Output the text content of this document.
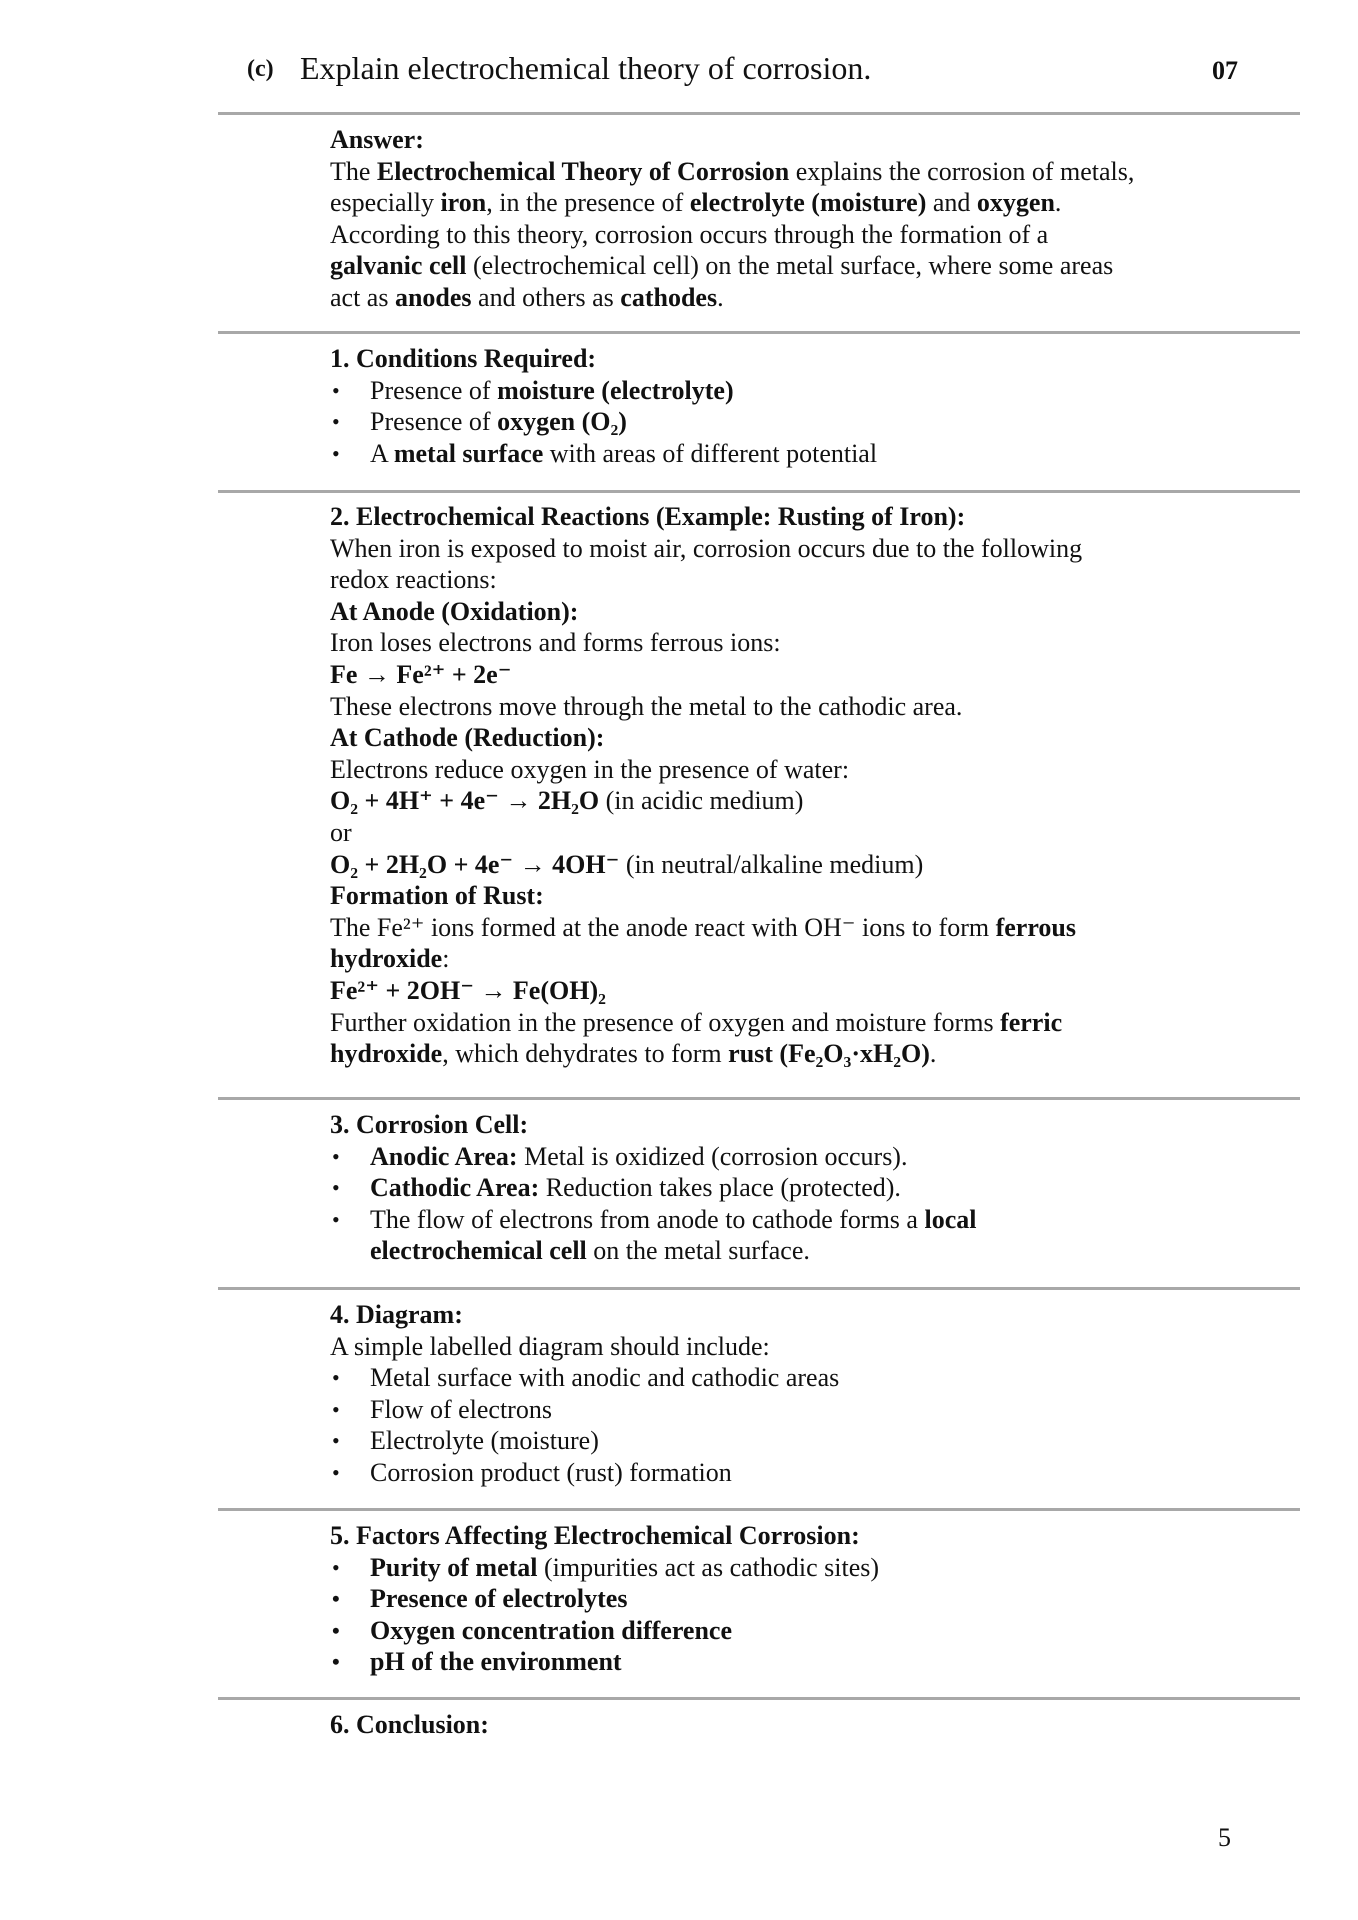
(c) Explain electrochemical theory of corrosion.	07
Answer:
The Electrochemical Theory of Corrosion explains the corrosion of metals,
especially iron, in the presence of electrolyte (moisture) and oxygen.
According to this theory, corrosion occurs through the formation of a
galvanic cell (electrochemical cell) on the metal surface, where some areas
act as anodes and others as cathodes.
1. Conditions Required:
• Presence of moisture (electrolyte)
• Presence of oxygen (O₂)
• A metal surface with areas of different potential
2. Electrochemical Reactions (Example: Rusting of Iron):
When iron is exposed to moist air, corrosion occurs due to the following
redox reactions:
At Anode (Oxidation):
Iron loses electrons and forms ferrous ions:
Fe → Fe²⁺ + 2e⁻
These electrons move through the metal to the cathodic area.
At Cathode (Reduction):
Electrons reduce oxygen in the presence of water:
O₂ + 4H⁺ + 4e⁻ → 2H₂O (in acidic medium)
or
O₂ + 2H₂O + 4e⁻ → 4OH⁻ (in neutral/alkaline medium)
Formation of Rust:
The Fe²⁺ ions formed at the anode react with OH⁻ ions to form ferrous
hydroxide:
Fe²⁺ + 2OH⁻ → Fe(OH)₂
Further oxidation in the presence of oxygen and moisture forms ferric
hydroxide, which dehydrates to form rust (Fe₂O₃·xH₂O).
3. Corrosion Cell:
• Anodic Area: Metal is oxidized (corrosion occurs).
• Cathodic Area: Reduction takes place (protected).
• The flow of electrons from anode to cathode forms a local
electrochemical cell on the metal surface.
4. Diagram:
A simple labelled diagram should include:
• Metal surface with anodic and cathodic areas
• Flow of electrons
• Electrolyte (moisture)
• Corrosion product (rust) formation
5. Factors Affecting Electrochemical Corrosion:
• Purity of metal (impurities act as cathodic sites)
• Presence of electrolytes
• Oxygen concentration difference
• pH of the environment
6. Conclusion:
5
